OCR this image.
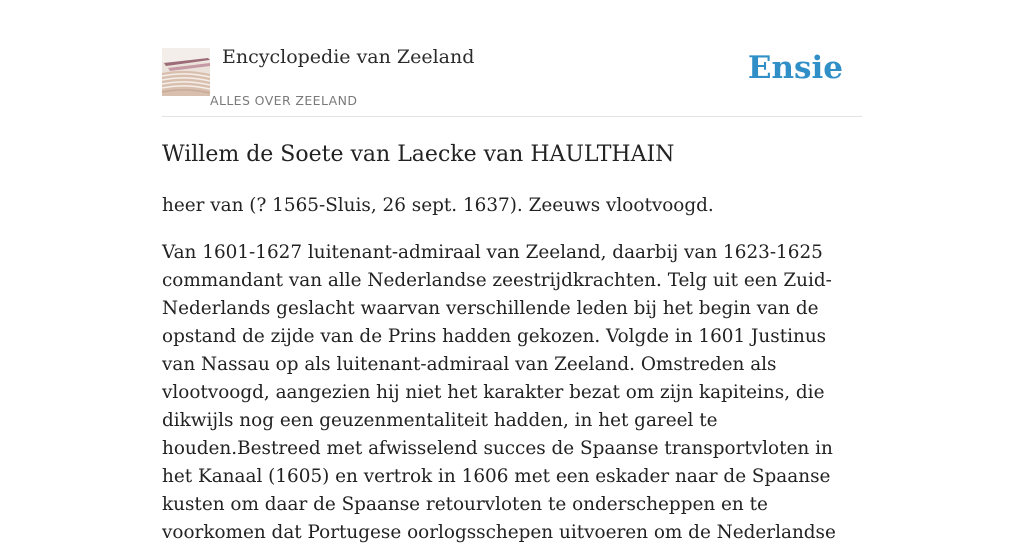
Encyclopedie van Zeeland
ALLES OVER ZEELAND
Ensie
Willem de Soete van Laecke van HAULTHAIN

heer van (? 1565-Sluis, 26 sept. 1637). Zeeuws vlootvoogd.

Van 1601-1627 luitenant-admiraal van Zeeland, daarbij van 1623-1625 commandant van alle Nederlandse zeestrijdkrachten. Telg uit een Zuid-Nederlands geslacht waarvan verschillende leden bij het begin van de opstand de zijde van de Prins hadden gekozen. Volgde in 1601 Justinus van Nassau op als luitenant-admiraal van Zeeland. Omstreden als vlootvoogd, aangezien hij niet het karakter bezat om zijn kapiteins, die dikwijls nog een geuzenmentaliteit hadden, in het gareel te houden.Bestreed met afwisselend succes de Spaanse transportvloten in het Kanaal (1605) en vertrok in 1606 met een eskader naar de Spaanse kusten om daar de Spaanse retourvloten te onderscheppen en te voorkomen dat Portugese oorlogsschepen uitvoeren om de Nederlandse
